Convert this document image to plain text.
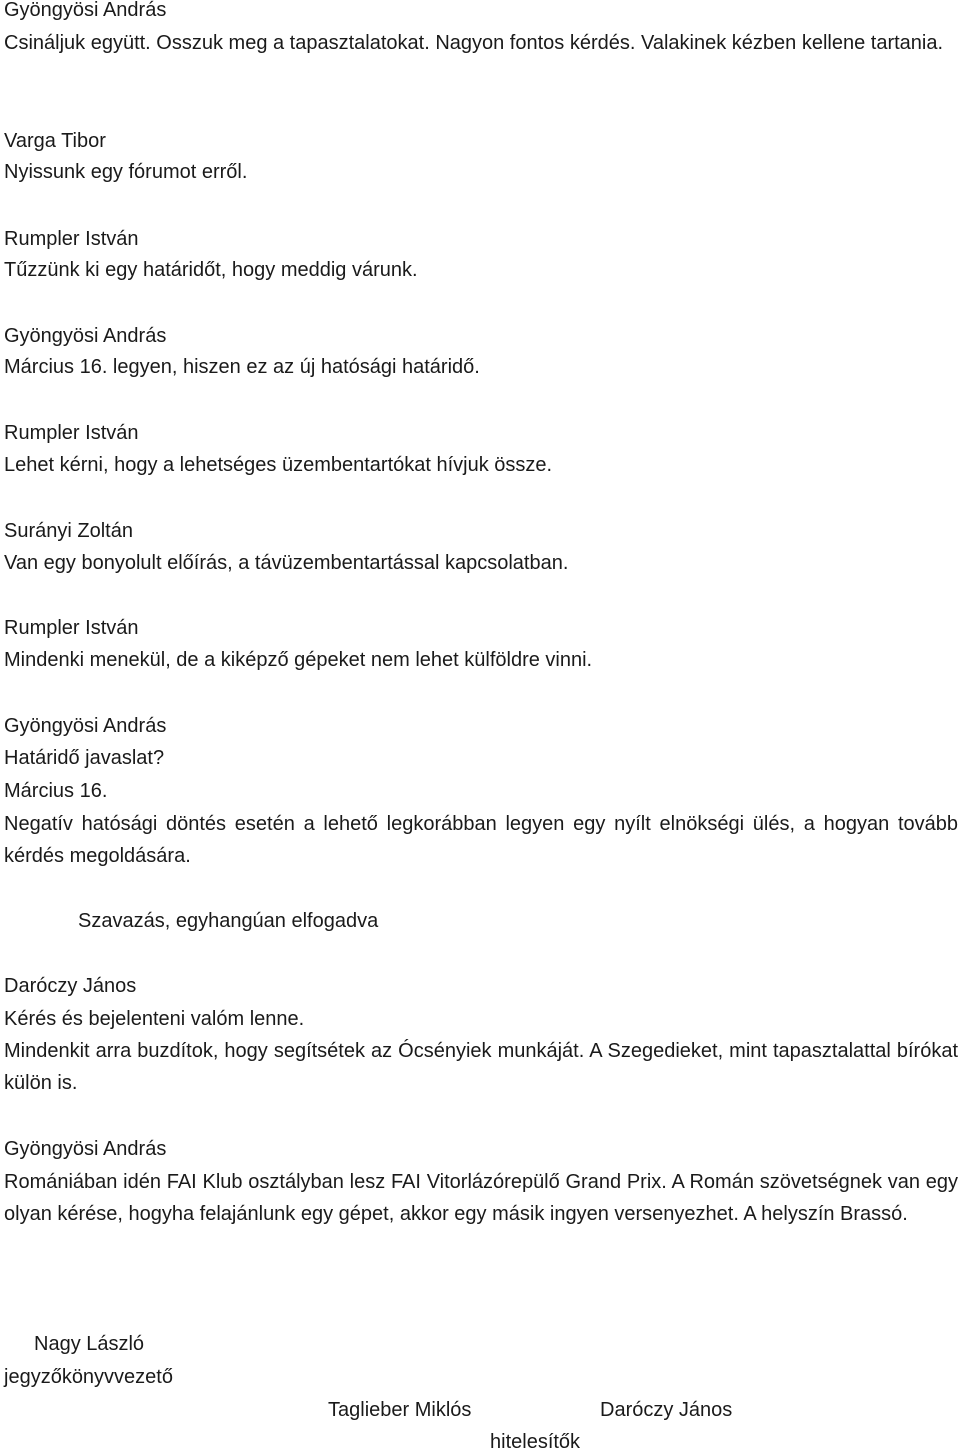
Gyöngyösi András
Csináljuk együtt. Osszuk meg a tapasztalatokat. Nagyon fontos kérdés. Valakinek kézben kellene tartania.
Varga Tibor
Nyissunk egy fórumot erről.
Rumpler István
Tűzzünk ki egy határidőt, hogy meddig várunk.
Gyöngyösi András
Március 16. legyen, hiszen ez az új hatósági határidő.
Rumpler István
Lehet kérni, hogy a lehetséges üzembentartókat hívjuk össze.
Surányi Zoltán
Van egy bonyolult előírás, a távüzembentartással kapcsolatban.
Rumpler István
Mindenki menekül, de a kiképző gépeket nem lehet külföldre vinni.
Gyöngyösi András
Határidő javaslat?
Március 16.
Negatív hatósági döntés esetén a lehető legkorábban legyen egy nyílt elnökségi ülés, a hogyan tovább kérdés megoldására.
Szavazás, egyhangúan elfogadva
Daróczy János
Kérés és bejelenteni valóm lenne.
Mindenkit arra buzdítok, hogy segítsétek az Ócsényiek munkáját. A Szegedieket, mint tapasztalattal bírókat külön is.
Gyöngyösi András
Romániában idén FAI Klub osztályban lesz FAI Vitorlázórepülő Grand Prix. A Román szövetségnek van egy olyan kérése, hogyha felajánlunk egy gépet, akkor egy másik ingyen versenyezhet. A helyszín Brassó.
Nagy László
jegyzőkönyvvezető
Taglieber Miklós	Daróczy János
hitelesítők
